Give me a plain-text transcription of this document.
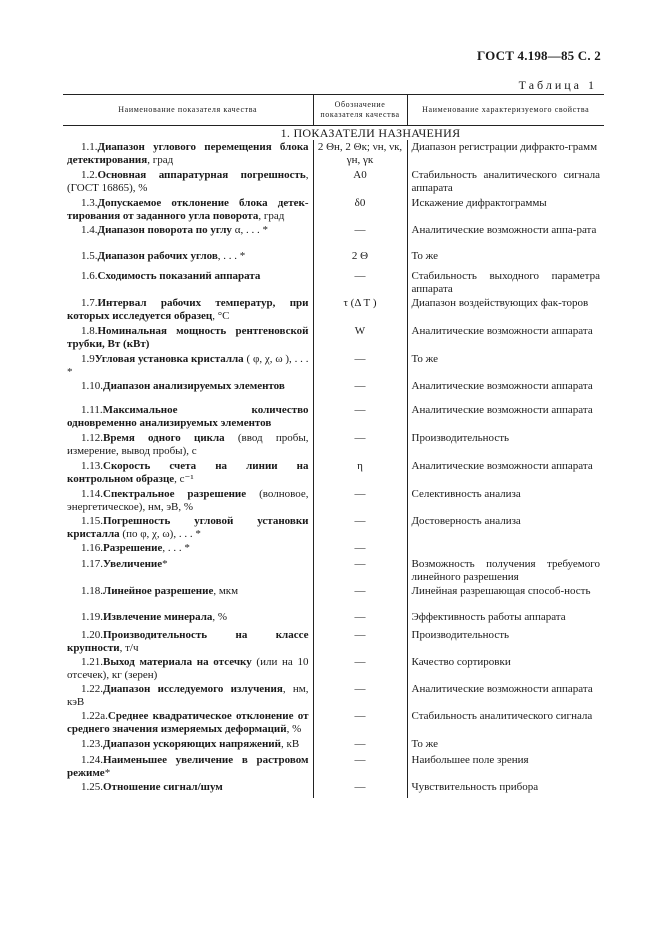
ГОСТ 4.198—85 С. 2
Таблица 1
Наименование показателя качества	Обозначение показателя качества	Наименование характеризуемого свойства
1. ПОКАЗАТЕЛИ НАЗНАЧЕНИЯ		
1.1.Диапазон углового перемещения блока детектирования, град	2 Θн, 2 Θк; νн, νк, γн, γк	Диапазон регистрации дифракто-грамм
1.2.Основная аппаратурная погрешность, (ГОСТ 16865), %	A0	Стабильность аналитического сигнала аппарата
1.3.Допускаемое отклонение блока детек-тирования от заданного угла поворота, град	δ0	Искажение дифрактограммы
1.4.Диапазон поворота по углу α, . . . *	—	Аналитические возможности аппа-рата
1.5.Диапазон рабочих углов, . . . *	2 Θ	То же
1.6.Сходимость показаний аппарата	—	Стабильность выходного параметра аппарата
1.7.Интервал рабочих температур, при которых исследуется образец, °С	τ (Δ T )	Диапазон воздействующих фак-торов
1.8.Номинальная мощность рентгеновской трубки, Вт (кВт)	W	Аналитические возможности аппарата
1.9Угловая установка кристалла ( φ, χ, ω ), . . . *	—	То же
1.10.Диапазон анализируемых элементов	—	Аналитические возможности аппарата
1.11.Максимальное количество одновременно анализируемых элементов	—	Аналитические возможности аппарата
1.12.Время одного цикла (ввод пробы, измерение, вывод пробы), с	—	Производительность
1.13.Скорость счета на линии на контрольном образце, с⁻¹	η	Аналитические возможности аппарата
1.14.Спектральное разрешение (волновое, энергетическое), нм, эВ, %	—	Селективность анализа
1.15.Погрешность угловой установки кристалла (по φ, χ, ω), . . . *	—	Достоверность анализа
1.16.Разрешение, . . . *	—	
1.17.Увеличение*	—	Возможность получения требуемого линейного разрешения
1.18.Линейное разрешение, мкм	—	Линейная разрешающая способ-ность
1.19.Извлечение минерала, %	—	Эффективность работы аппарата
1.20.Производительность на классе крупности, т/ч	—	Производительность
1.21.Выход материала на отсечку (или на 10 отсечек), кг (зерен)	—	Качество сортировки
1.22.Диапазон исследуемого излучения, нм, кэВ	—	Аналитические возможности аппарата
1.22а.Среднее квадратическое отклонение от среднего значения измеряемых деформаций, %	—	Стабильность аналитического сигнала
1.23.Диапазон ускоряющих напряжений, кВ	—	То же
1.24.Наименьшее увеличение в растровом режиме*	—	Наибольшее поле зрения
1.25.Отношение сигнал/шум	—	Чувствительность прибора
